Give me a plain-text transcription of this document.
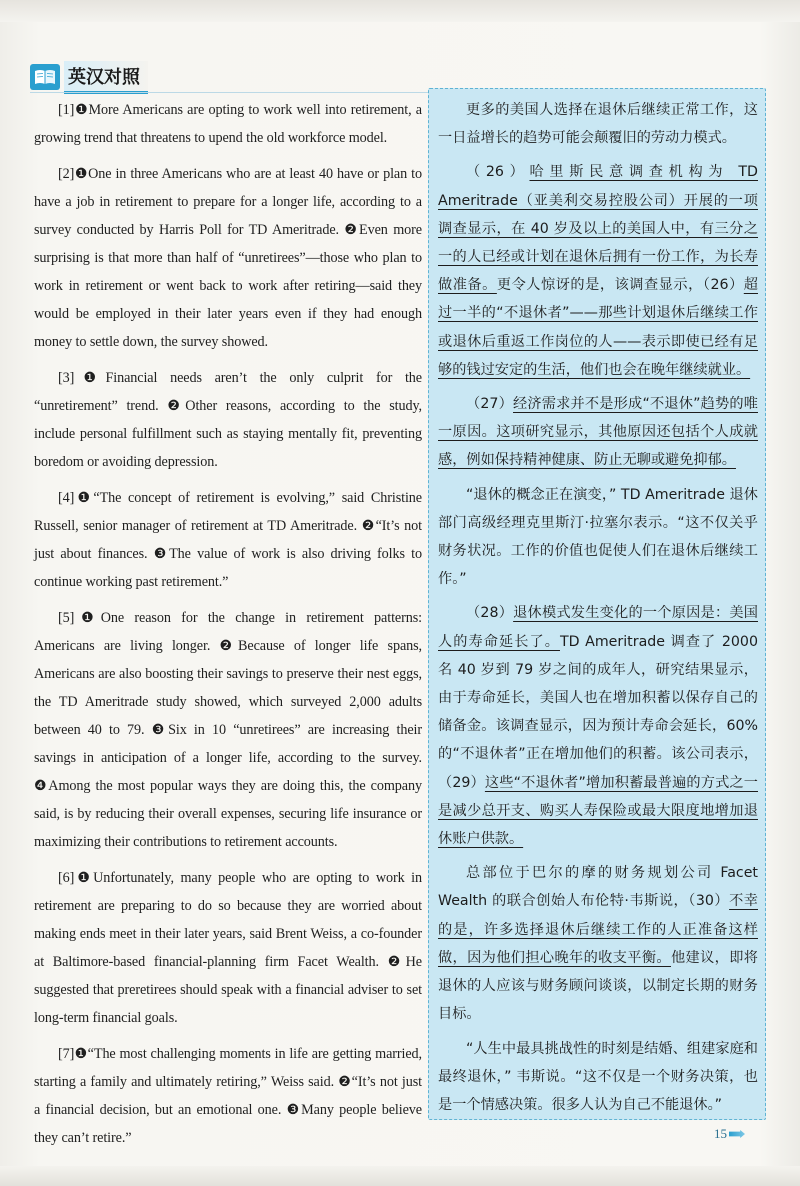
英汉对照

[1]❶More Americans are opting to work well into retirement, a growing trend that threatens to upend the old workforce model.

[2]❶One in three Americans who are at least 40 have or plan to have a job in retirement to prepare for a longer life, according to a survey conducted by Harris Poll for TD Ameritrade. ❷Even more surprising is that more than half of “unretirees”—those who plan to work in retirement or went back to work after retiring—said they would be employed in their later years even if they had enough money to settle down, the survey showed.

[3]❶Financial needs aren’t the only culprit for the “unretirement” trend. ❷Other reasons, according to the study, include personal fulfillment such as staying mentally fit, preventing boredom or avoiding depression.

[4]❶“The concept of retirement is evolving,” said Christine Russell, senior manager of retirement at TD Ameritrade. ❷“It’s not just about finances. ❸The value of work is also driving folks to continue working past retirement.”

[5]❶One reason for the change in retirement patterns: Americans are living longer. ❷Because of longer life spans, Americans are also boosting their savings to preserve their nest eggs, the TD Ameritrade study showed, which surveyed 2,000 adults between 40 to 79. ❸Six in 10 “unretirees” are increasing their savings in anticipation of a longer life, according to the survey. ❹Among the most popular ways they are doing this, the company said, is by reducing their overall expenses, securing life insurance or maximizing their contributions to retirement accounts.

[6]❶Unfortunately, many people who are opting to work in retirement are preparing to do so because they are worried about making ends meet in their later years, said Brent Weiss, a co-founder at Baltimore-based financial-planning firm Facet Wealth. ❷He suggested that preretirees should speak with a financial adviser to set long-term financial goals.

[7]❶“The most challenging moments in life are getting married, starting a family and ultimately retiring,” Weiss said. ❷“It’s not just a financial decision, but an emotional one. ❸Many people believe they can’t retire.”

更多的美国人选择在退休后继续正常工作，这一日益增长的趋势可能会颠覆旧的劳动力模式。

（26）哈里斯民意调查机构为 TD Ameritrade（亚美利交易控股公司）开展的一项调查显示，在 40 岁及以上的美国人中，有三分之一的人已经或计划在退休后拥有一份工作，为长寿做准备。更令人惊讶的是，该调查显示，（26）超过一半的“不退休者”——那些计划退休后继续工作或退休后重返工作岗位的人——表示即使已经有足够的钱过安定的生活，他们也会在晚年继续就业。

（27）经济需求并不是形成“不退休”趋势的唯一原因。这项研究显示，其他原因还包括个人成就感，例如保持精神健康、防止无聊或避免抑郁。

“退休的概念正在演变，” TD Ameritrade 退休部门高级经理克里斯汀·拉塞尔表示。“这不仅关乎财务状况。工作的价值也促使人们在退休后继续工作。”

（28）退休模式发生变化的一个原因是：美国人的寿命延长了。TD Ameritrade 调查了 2000 名 40 岁到 79 岁之间的成年人，研究结果显示，由于寿命延长，美国人也在增加积蓄以保存自己的储备金。该调查显示，因为预计寿命会延长，60% 的“不退休者”正在增加他们的积蓄。该公司表示，（29）这些“不退休者”增加积蓄最普遍的方式之一是减少总开支、购买人寿保险或最大限度地增加退休账户供款。

总部位于巴尔的摩的财务规划公司 Facet Wealth 的联合创始人布伦特·韦斯说，（30）不幸的是，许多选择退休后继续工作的人正准备这样做，因为他们担心晚年的收支平衡。他建议，即将退休的人应该与财务顾问谈谈，以制定长期的财务目标。

“人生中最具挑战性的时刻是结婚、组建家庭和最终退休，” 韦斯说。“这不仅是一个财务决策，也是一个情感决策。很多人认为自己不能退休。”

15
